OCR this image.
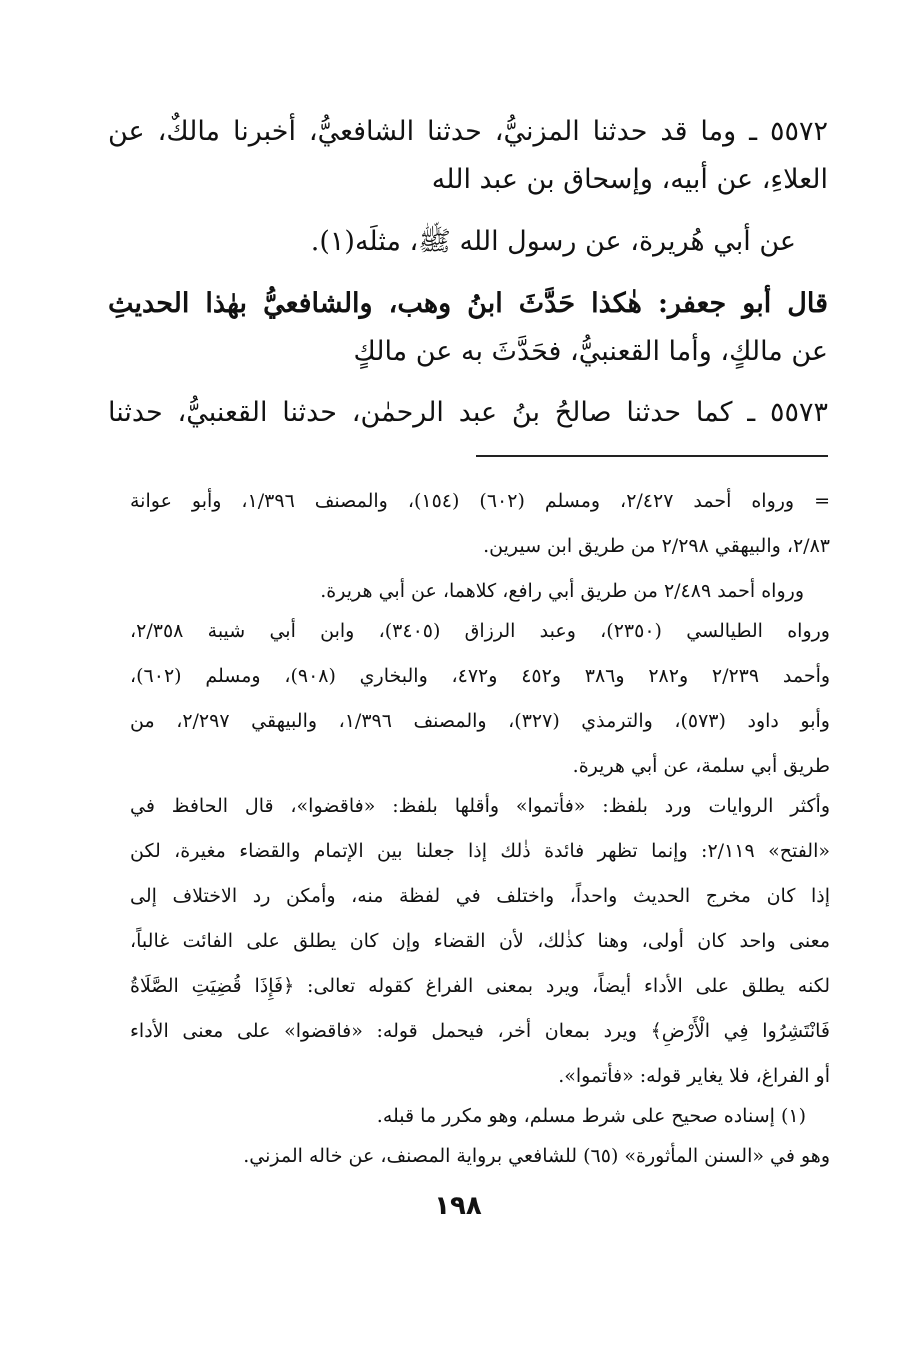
٥٥٧٢ ـ وما قد حدثنا المزنيُّ، حدثنا الشافعيُّ، أخبرنا مالكٌ، عن
العلاءِ، عن أبيه، وإسحاق بن عبد الله
عن أبي هُريرة، عن رسول الله ﷺ، مثلَه(١).
قال أبو جعفر: هٰكذا حَدَّثَ ابنُ وهب، والشافعيُّ بهٰذا الحديثِ
عن مالكٍ، وأما القعنبيُّ، فحَدَّثَ به عن مالكٍ
٥٥٧٣ ـ كما حدثنا صالحُ بنُ عبد الرحمٰن، حدثنا القعنبيُّ، حدثنا
= ورواه أحمد ٢/٤٢٧، ومسلم (٦٠٢) (١٥٤)، والمصنف ١/٣٩٦، وأبو عوانة
٢/٨٣، والبيهقي ٢/٢٩٨ من طريق ابن سيرين.
ورواه أحمد ٢/٤٨٩ من طريق أبي رافع، كلاهما، عن أبي هريرة.
ورواه الطيالسي (٢٣٥٠)، وعبد الرزاق (٣٤٠٥)، وابن أبي شيبة ٢/٣٥٨،
وأحمد ٢/٢٣٩ و٢٨٢ و٣٨٦ و٤٥٢ و٤٧٢، والبخاري (٩٠٨)، ومسلم (٦٠٢)،
وأبو داود (٥٧٣)، والترمذي (٣٢٧)، والمصنف ١/٣٩٦، والبيهقي ٢/٢٩٧، من
طريق أبي سلمة، عن أبي هريرة.
وأكثر الروايات ورد بلفظ: «فأتموا» وأقلها بلفظ: «فاقضوا»، قال الحافظ في
«الفتح» ٢/١١٩: وإنما تظهر فائدة ذٰلك إذا جعلنا بين الإتمام والقضاء مغيرة، لكن
إذا كان مخرج الحديث واحداً، واختلف في لفظة منه، وأمكن رد الاختلاف إلى
معنى واحد كان أولى، وهنا كذٰلك، لأن القضاء وإن كان يطلق على الفائت غالباً،
لكنه يطلق على الأداء أيضاً، ويرد بمعنى الفراغ كقوله تعالى: ﴿فَإِذَا قُضِيَتِ الصَّلَاةُ
فَانْتَشِرُوا فِي الْأَرْضِ﴾ ويرد بمعان أخر، فيحمل قوله: «فاقضوا» على معنى الأداء
أو الفراغ، فلا يغاير قوله: «فأتموا».
(١) إسناده صحيح على شرط مسلم، وهو مكرر ما قبله.
وهو في «السنن المأثورة» (٦٥) للشافعي برواية المصنف، عن خاله المزني.
١٩٨
